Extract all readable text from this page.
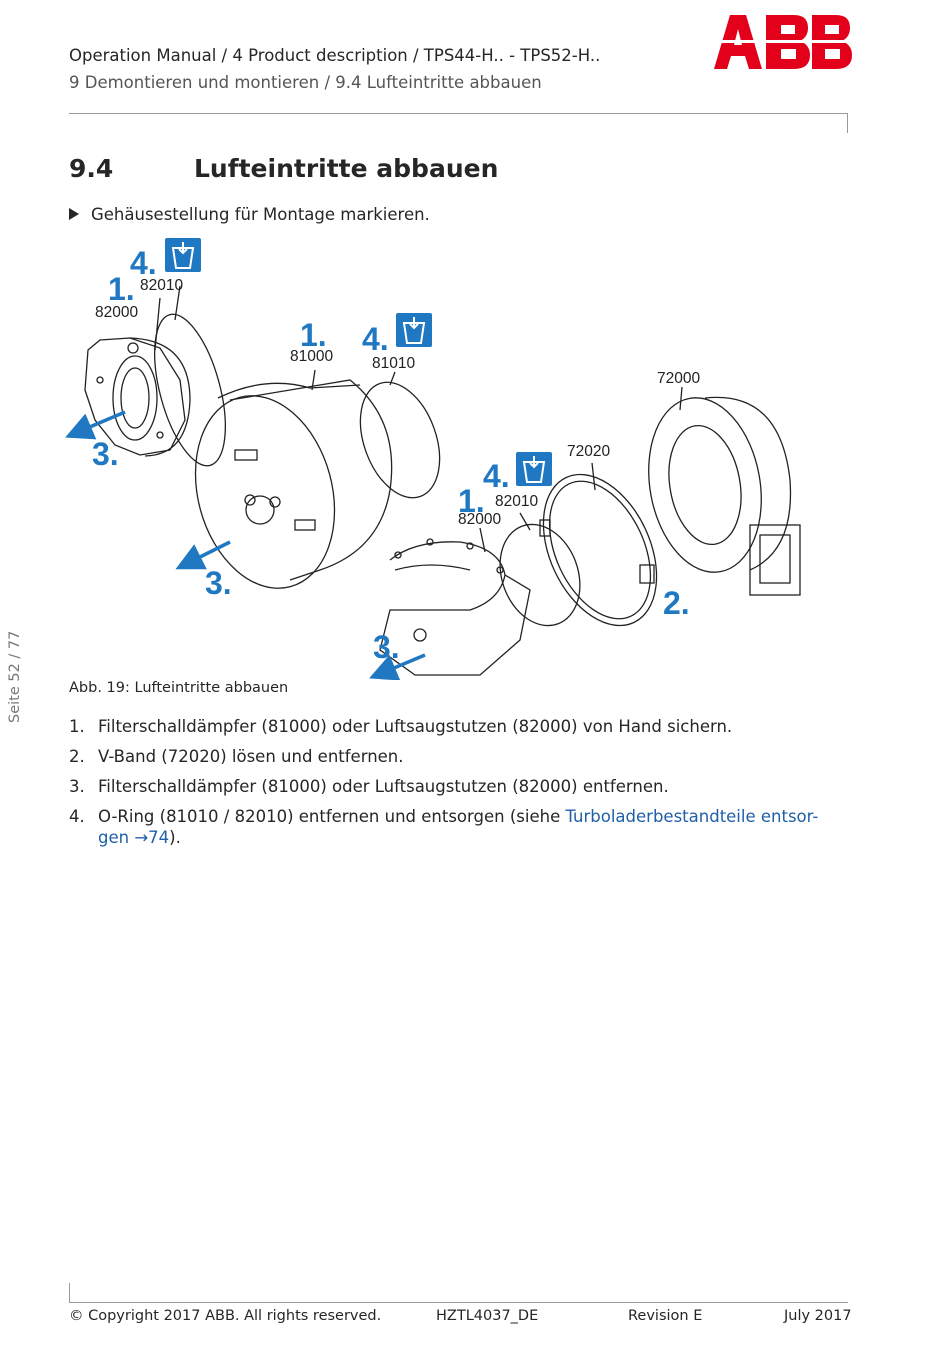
Operation Manual / 4 Product description / TPS44-H.. - TPS52-H..
9 Demontieren und montieren / 9.4 Lufteintritte abbauen
9.4	Lufteintritte abbauen
Gehäusestellung für Montage markieren.
4.
1.
3.
1. 4.
3.
4.
1.
2.
3.
82010
82000
81000	81010
72000
72020
82010
82000
Abb. 19: Lufteintritte abbauen
1. Filterschalldämpfer (81000) oder Luftsaugstutzen (82000) von Hand sichern.
2. V-Band (72020) lösen und entfernen.
3. Filterschalldämpfer (81000) oder Luftsaugstutzen (82000) entfernen.
4. O-Ring (81010 / 82010) entfernen und entsorgen (siehe Turboladerbestandteile entsor-gen →74).
Seite 52 / 77
© Copyright 2017 ABB. All rights reserved.	HZTL4037_DE	Revision E	July 2017
